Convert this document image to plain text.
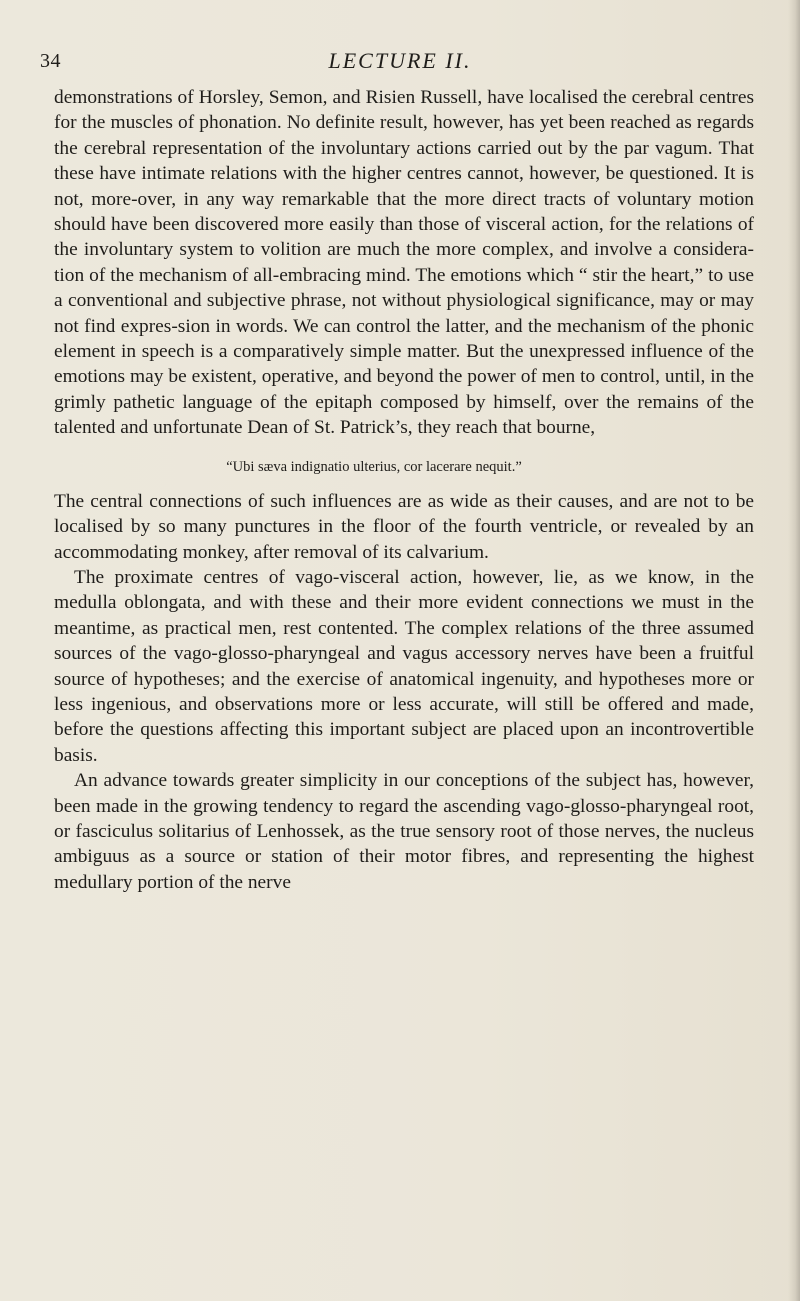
34	LECTURE II.

demonstrations of Horsley, Semon, and Risien Russell, have localised the cerebral centres for the muscles of phonation. No definite result, however, has yet been reached as regards the cerebral representation of the involuntary actions carried out by the par vagum. That these have intimate relations with the higher centres cannot, however, be questioned. It is not, more-over, in any way remarkable that the more direct tracts of voluntary motion should have been discovered more easily than those of visceral action, for the relations of the involuntary system to volition are much the more complex, and involve a considera-tion of the mechanism of all-embracing mind. The emotions which “ stir the heart,” to use a conventional and subjective phrase, not without physiological significance, may or may not find expres-sion in words. We can control the latter, and the mechanism of the phonic element in speech is a comparatively simple matter. But the unexpressed influence of the emotions may be existent, operative, and beyond the power of men to control, until, in the grimly pathetic language of the epitaph composed by himself, over the remains of the talented and unfortunate Dean of St. Patrick’s, they reach that bourne,

“Ubi sæva indignatio ulterius, cor lacerare nequit.”

The central connections of such influences are as wide as their causes, and are not to be localised by so many punctures in the floor of the fourth ventricle, or revealed by an accommodating monkey, after removal of its calvarium.

The proximate centres of vago-visceral action, however, lie, as we know, in the medulla oblongata, and with these and their more evident connections we must in the meantime, as practical men, rest contented. The complex relations of the three assumed sources of the vago-glosso-pharyngeal and vagus accessory nerves have been a fruitful source of hypotheses; and the exercise of anatomical ingenuity, and hypotheses more or less ingenious, and observations more or less accurate, will still be offered and made, before the questions affecting this important subject are placed upon an incontrovertible basis.

An advance towards greater simplicity in our conceptions of the subject has, however, been made in the growing tendency to regard the ascending vago-glosso-pharyngeal root, or fasciculus solitarius of Lenhossek, as the true sensory root of those nerves, the nucleus ambiguus as a source or station of their motor fibres, and representing the highest medullary portion of the nerve
